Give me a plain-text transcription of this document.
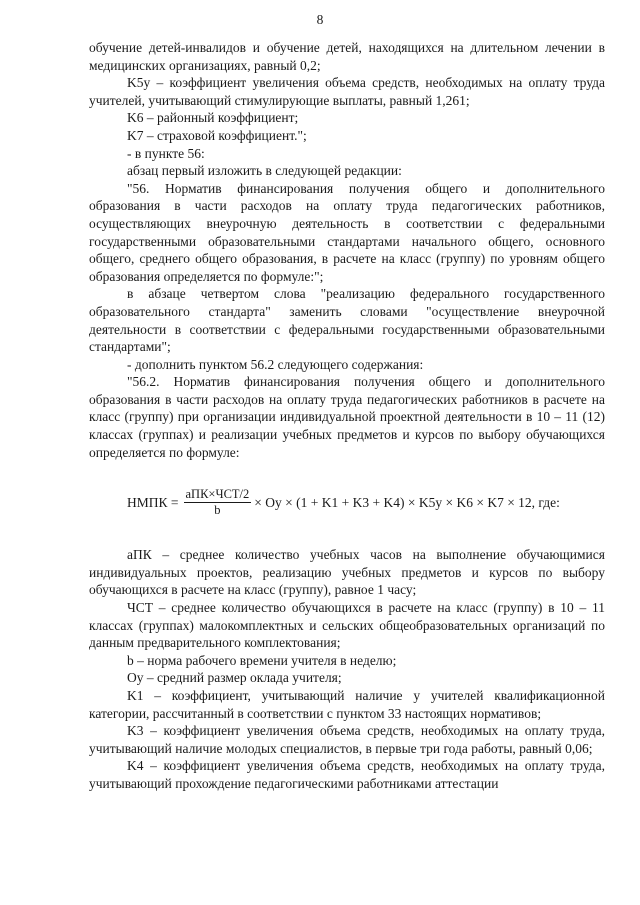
8

обучение детей-инвалидов и обучение детей, находящихся на длительном лечении в медицинских организациях, равный 0,2;

K5у – коэффициент увеличения объема средств, необходимых на оплату труда учителей, учитывающий стимулирующие выплаты, равный 1,261;

K6 – районный коэффициент;

K7 – страховой коэффициент.";

- в пункте 56:

абзац первый изложить в следующей редакции:

"56. Норматив финансирования получения общего и дополнительного образования в части расходов на оплату труда педагогических работников, осуществляющих внеурочную деятельность в соответствии с федеральными государственными образовательными стандартами начального общего, основного общего, среднего общего образования, в расчете на класс (группу) по уровням общего образования определяется по формуле:";

в абзаце четвертом слова "реализацию федерального государственного образовательного стандарта" заменить словами "осуществление внеурочной деятельности в соответствии с федеральными государственными образовательными стандартами";

- дополнить пунктом 56.2 следующего содержания:

"56.2. Норматив финансирования получения общего и дополнительного образования в части расходов на оплату труда педагогических работников в расчете на класс (группу) при организации индивидуальной проектной деятельности в 10 – 11 (12) классах (группах) и реализации учебных предметов и курсов по выбору обучающихся определяется по формуле:

НМПК = $\frac{\text{aПК×ЧСТ/2}}{b}$ × Оу × (1 + K1 + K3 + K4) × K5у × K6 × K7 × 12, где:

aПК – среднее количество учебных часов на выполнение обучающимися индивидуальных проектов, реализацию учебных предметов и курсов по выбору обучающихся в расчете на класс (группу), равное 1 часу;

ЧСТ – среднее количество обучающихся в расчете на класс (группу) в 10 – 11 классах (группах) малокомплектных и сельских общеобразовательных организаций по данным предварительного комплектования;

b – норма рабочего времени учителя в неделю;

Оу – средний размер оклада учителя;

K1 – коэффициент, учитывающий наличие у учителей квалификационной категории, рассчитанный в соответствии с пунктом 33 настоящих нормативов;

K3 – коэффициент увеличения объема средств, необходимых на оплату труда, учитывающий наличие молодых специалистов, в первые три года работы, равный 0,06;

K4 – коэффициент увеличения объема средств, необходимых на оплату труда, учитывающий прохождение педагогическими работниками аттестации
